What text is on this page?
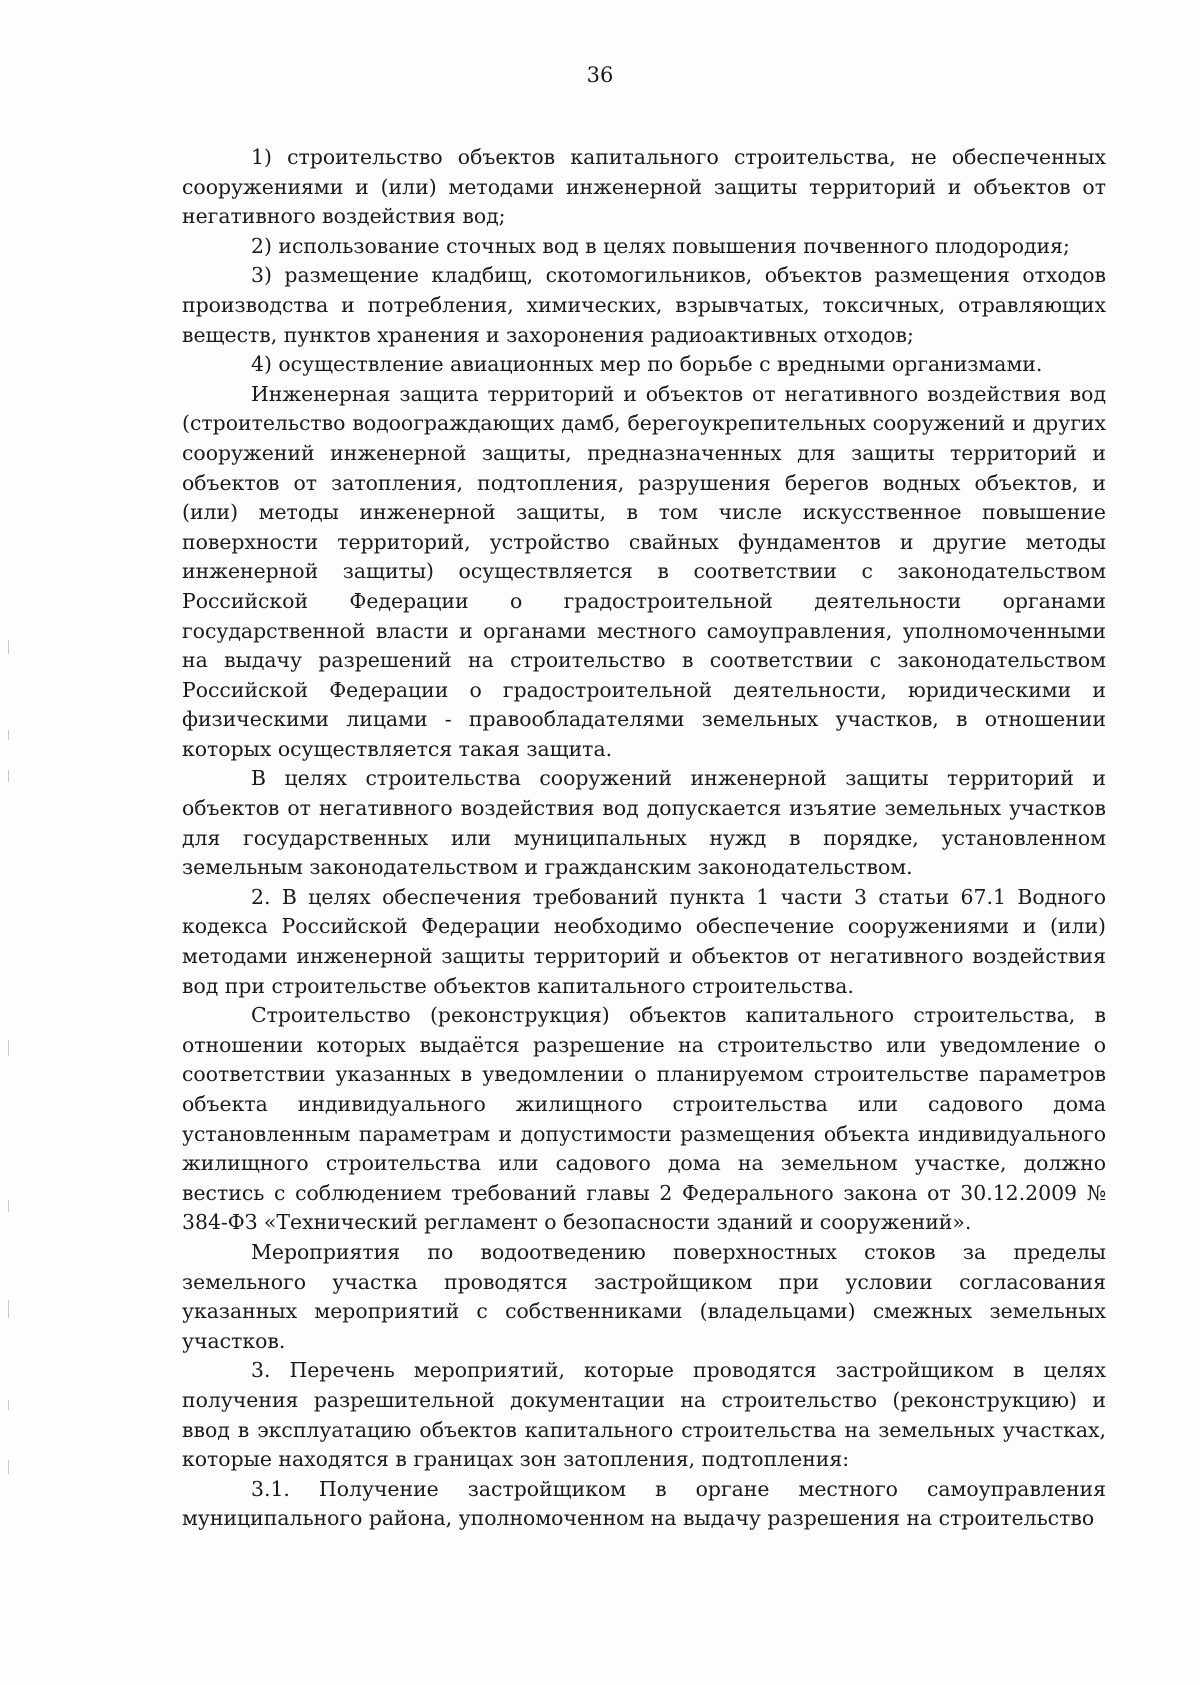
36

1) строительство объектов капитального строительства, не обеспеченных сооружениями и (или) методами инженерной защиты территорий и объектов от негативного воздействия вод;

2) использование сточных вод в целях повышения почвенного плодородия;

3) размещение кладбищ, скотомогильников, объектов размещения отходов производства и потребления, химических, взрывчатых, токсичных, отравляющих веществ, пунктов хранения и захоронения радиоактивных отходов;

4) осуществление авиационных мер по борьбе с вредными организмами.

Инженерная защита территорий и объектов от негативного воздействия вод (строительство водоограждающих дамб, берегоукрепительных сооружений и других сооружений инженерной защиты, предназначенных для защиты территорий и объектов от затопления, подтопления, разрушения берегов водных объектов, и (или) методы инженерной защиты, в том числе искусственное повышение поверхности территорий, устройство свайных фундаментов и другие методы инженерной защиты) осуществляется в соответствии с законодательством Российской Федерации о градостроительной деятельности органами государственной власти и органами местного самоуправления, уполномоченными на выдачу разрешений на строительство в соответствии с законодательством Российской Федерации о градостроительной деятельности, юридическими и физическими лицами - правообладателями земельных участков, в отношении которых осуществляется такая защита.

В целях строительства сооружений инженерной защиты территорий и объектов от негативного воздействия вод допускается изъятие земельных участков для государственных или муниципальных нужд в порядке, установленном земельным законодательством и гражданским законодательством.

2. В целях обеспечения требований пункта 1 части 3 статьи 67.1 Водного кодекса Российской Федерации необходимо обеспечение сооружениями и (или) методами инженерной защиты территорий и объектов от негативного воздействия вод при строительстве объектов капитального строительства.

Строительство (реконструкция) объектов капитального строительства, в отношении которых выдаётся разрешение на строительство или уведомление о соответствии указанных в уведомлении о планируемом строительстве параметров объекта индивидуального жилищного строительства или садового дома установленным параметрам и допустимости размещения объекта индивидуального жилищного строительства или садового дома на земельном участке, должно вестись с соблюдением требований главы 2 Федерального закона от 30.12.2009 № 384-ФЗ «Технический регламент о безопасности зданий и сооружений».

Мероприятия по водоотведению поверхностных стоков за пределы земельного участка проводятся застройщиком при условии согласования указанных мероприятий с собственниками (владельцами) смежных земельных участков.

3. Перечень мероприятий, которые проводятся застройщиком в целях получения разрешительной документации на строительство (реконструкцию) и ввод в эксплуатацию объектов капитального строительства на земельных участках, которые находятся в границах зон затопления, подтопления:

3.1. Получение застройщиком в органе местного самоуправления муниципального района, уполномоченном на выдачу разрешения на строительство
